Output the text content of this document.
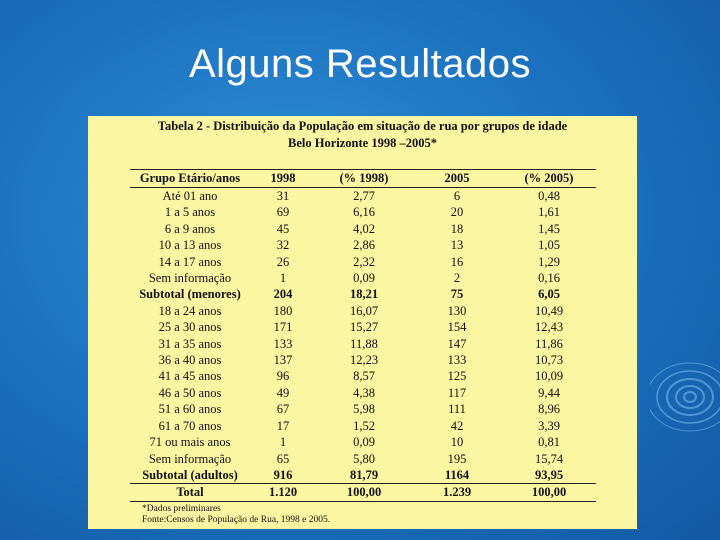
Alguns Resultados
Tabela 2 - Distribuição da População em situação de rua por grupos de idade
Belo Horizonte 1998 –2005*
Grupo Etário/anos	1998	(% 1998)	2005	(% 2005)
Até 01 ano	31	2,77	6	0,48
1 a 5 anos	69	6,16	20	1,61
6 a 9 anos	45	4,02	18	1,45
10 a 13 anos	32	2,86	13	1,05
14 a 17 anos	26	2,32	16	1,29
Sem informação	1	0,09	2	0,16
Subtotal (menores)	204	18,21	75	6,05
18 a 24 anos	180	16,07	130	10,49
25 a 30 anos	171	15,27	154	12,43
31 a 35 anos	133	11,88	147	11,86
36 a 40 anos	137	12,23	133	10,73
41 a 45 anos	96	8,57	125	10,09
46 a 50 anos	49	4,38	117	9,44
51 a 60 anos	67	5,98	111	8,96
61 a 70 anos	17	1,52	42	3,39
71 ou mais anos	1	0,09	10	0,81
Sem informação	65	5,80	195	15,74
Subtotal (adultos)	916	81,79	1164	93,95
Total	1.120	100,00	1.239	100,00
*Dados preliminares
Fonte:Censos de População de Rua, 1998 e 2005.
